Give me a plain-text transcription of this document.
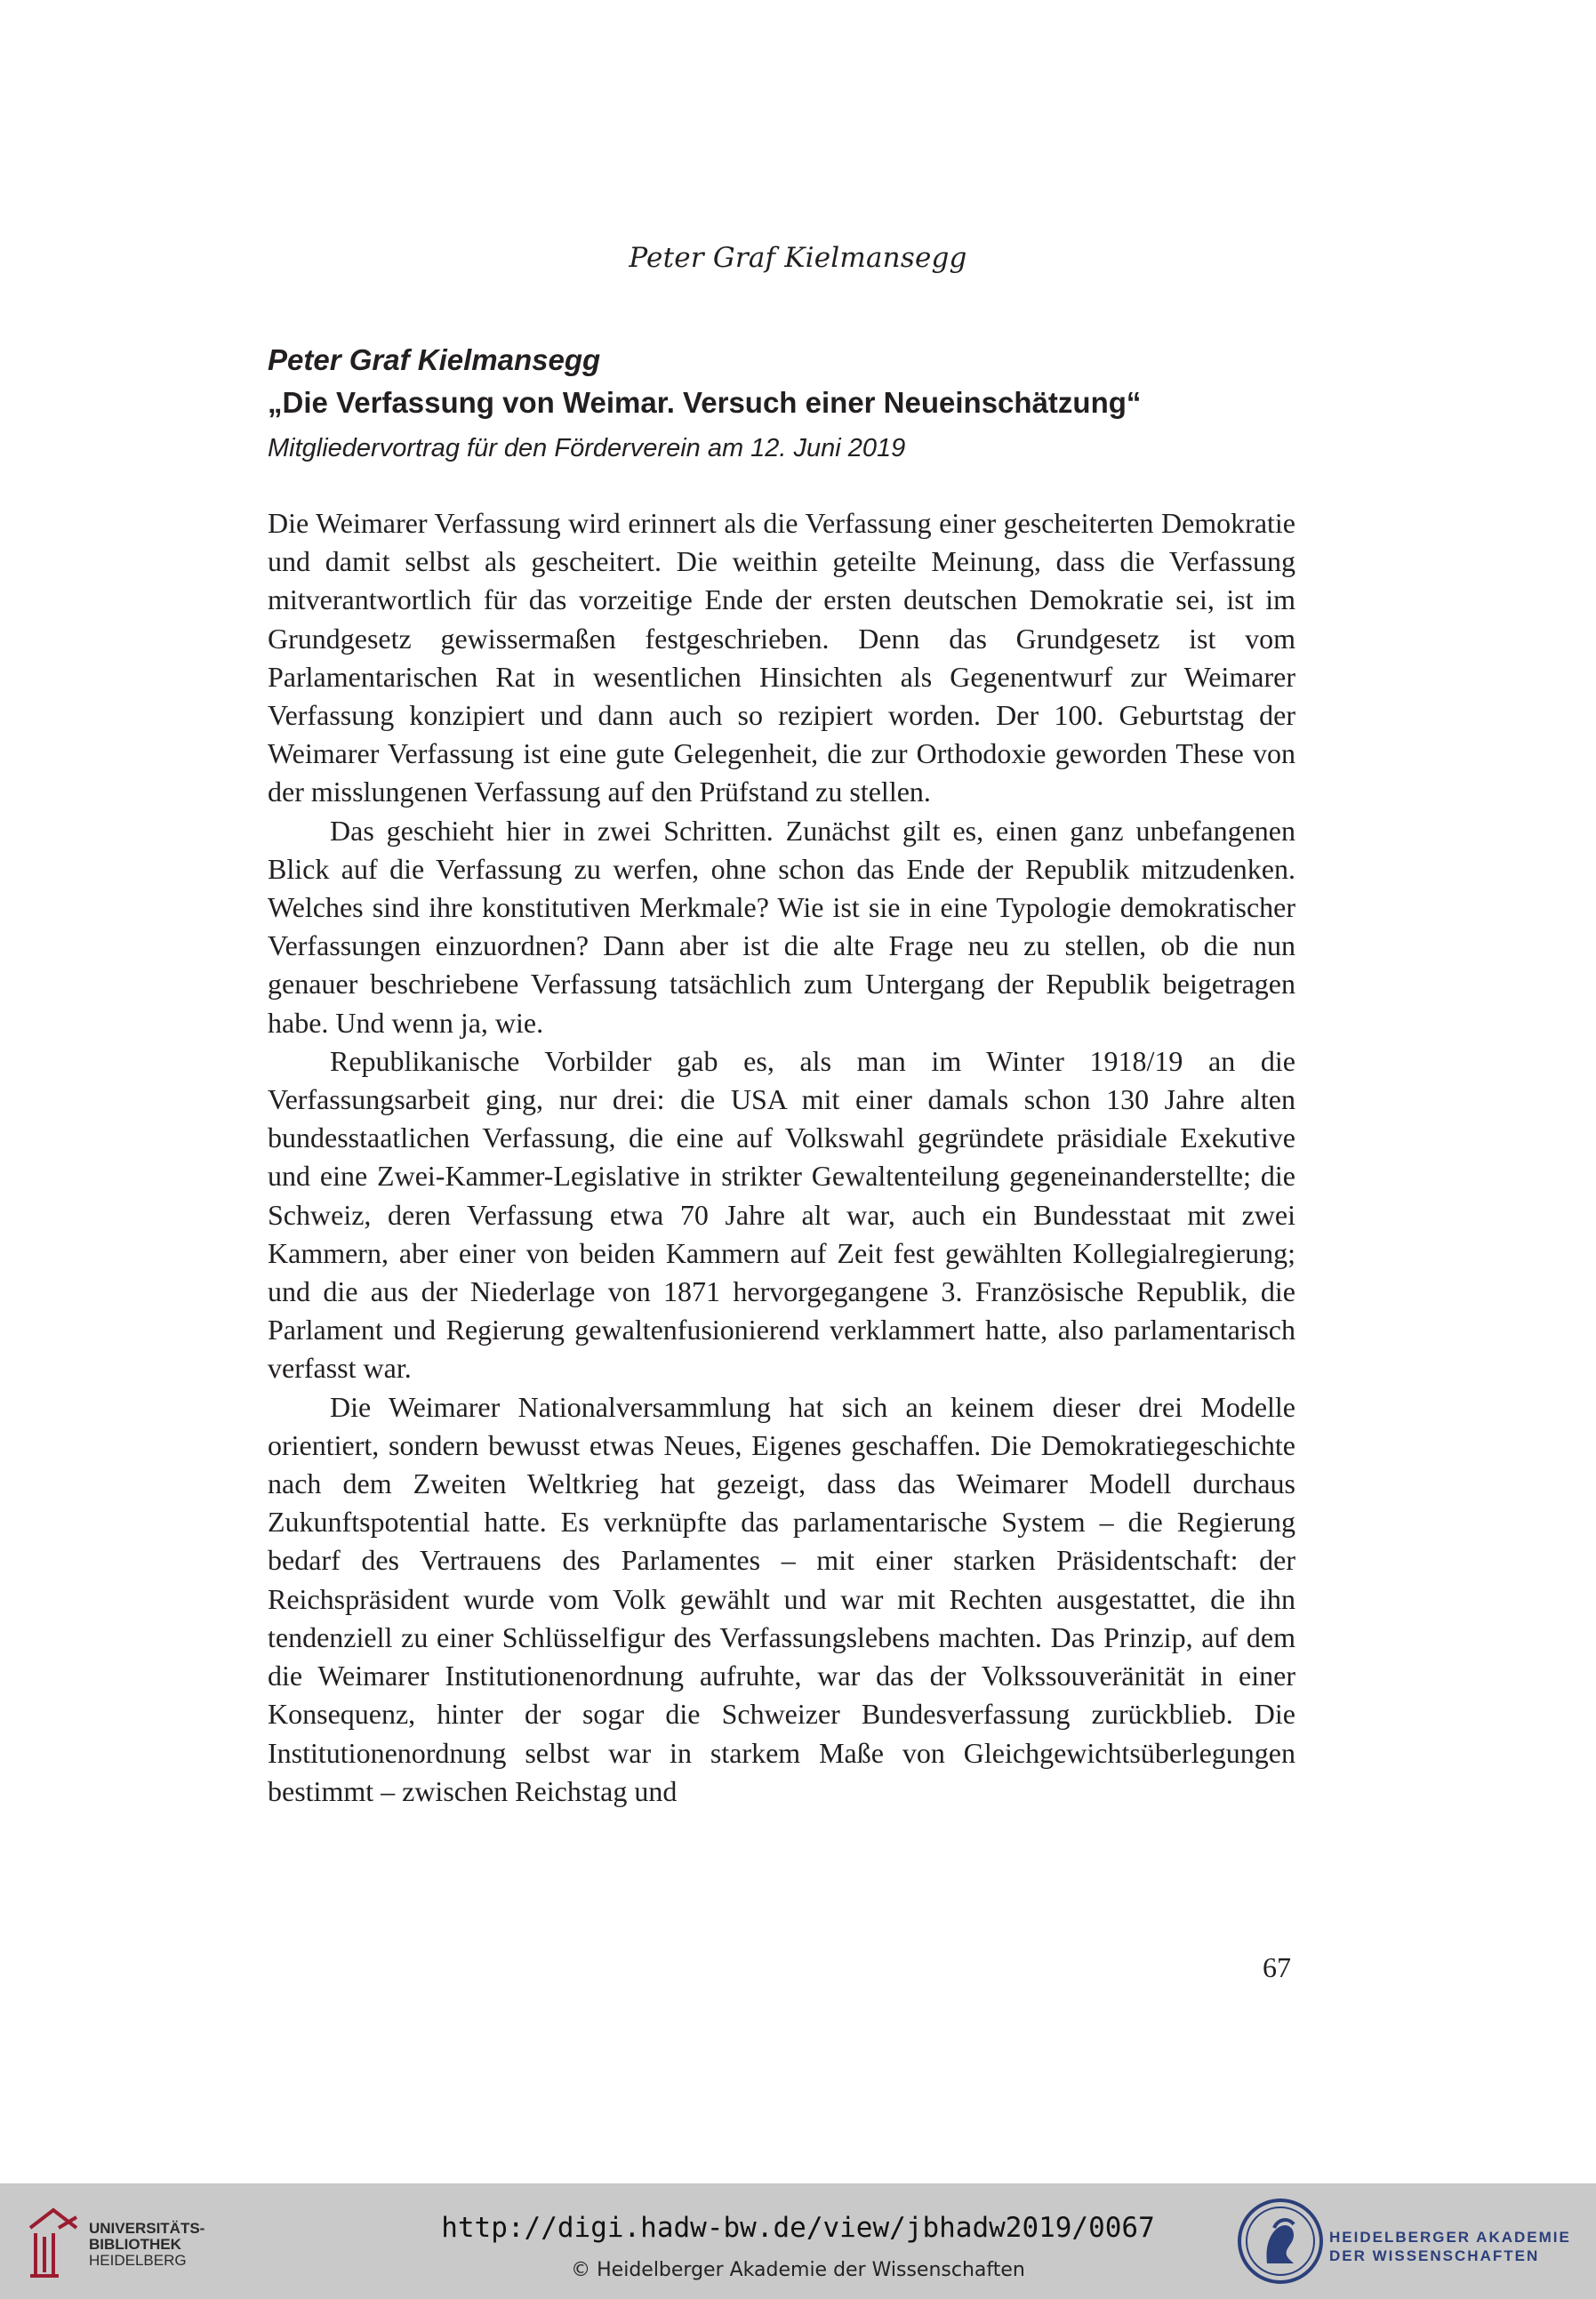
Peter Graf Kielmansegg
Peter Graf Kielmansegg
„Die Verfassung von Weimar. Versuch einer Neueinschätzung“
Mitgliedervortrag für den Förderverein am 12. Juni 2019

Die Weimarer Verfassung wird erinnert als die Verfassung einer gescheiterten Demokratie und damit selbst als gescheitert. Die weithin geteilte Meinung, dass die Verfassung mitverantwortlich für das vorzeitige Ende der ersten deutschen Demokratie sei, ist im Grundgesetz gewissermaßen festgeschrieben. Denn das Grundgesetz ist vom Parlamentarischen Rat in wesentlichen Hinsichten als Gegenentwurf zur Weimarer Verfassung konzipiert und dann auch so rezipiert worden. Der 100. Geburtstag der Weimarer Verfassung ist eine gute Gelegenheit, die zur Orthodoxie geworden These von der misslungenen Verfassung auf den Prüfstand zu stellen.

Das geschieht hier in zwei Schritten. Zunächst gilt es, einen ganz unbefangenen Blick auf die Verfassung zu werfen, ohne schon das Ende der Republik mitzudenken. Welches sind ihre konstitutiven Merkmale? Wie ist sie in eine Typologie demokratischer Verfassungen einzuordnen? Dann aber ist die alte Frage neu zu stellen, ob die nun genauer beschriebene Verfassung tatsächlich zum Untergang der Republik beigetragen habe. Und wenn ja, wie.

Republikanische Vorbilder gab es, als man im Winter 1918/19 an die Verfassungsarbeit ging, nur drei: die USA mit einer damals schon 130 Jahre alten bundesstaatlichen Verfassung, die eine auf Volkswahl gegründete präsidiale Exekutive und eine Zwei-Kammer-Legislative in strikter Gewaltenteilung gegeneinanderstellte; die Schweiz, deren Verfassung etwa 70 Jahre alt war, auch ein Bundesstaat mit zwei Kammern, aber einer von beiden Kammern auf Zeit fest gewählten Kollegialregierung; und die aus der Niederlage von 1871 hervorgegangene 3. Französische Republik, die Parlament und Regierung gewaltenfusionierend verklammert hatte, also parlamentarisch verfasst war.

Die Weimarer Nationalversammlung hat sich an keinem dieser drei Modelle orientiert, sondern bewusst etwas Neues, Eigenes geschaffen. Die Demokratiegeschichte nach dem Zweiten Weltkrieg hat gezeigt, dass das Weimarer Modell durchaus Zukunftspotential hatte. Es verknüpfte das parlamentarische System – die Regierung bedarf des Vertrauens des Parlamentes – mit einer starken Präsidentschaft: der Reichspräsident wurde vom Volk gewählt und war mit Rechten ausgestattet, die ihn tendenziell zu einer Schlüsselfigur des Verfassungslebens machten. Das Prinzip, auf dem die Weimarer Institutionenordnung aufruhte, war das der Volkssouveränität in einer Konsequenz, hinter der sogar die Schweizer Bundesverfassung zurückblieb. Die Institutionenordnung selbst war in starkem Maße von Gleichgewichtsüberlegungen bestimmt – zwischen Reichstag und

67
UNIVERSITÄTS-
BIBLIOTHEK
HEIDELBERG
http://digi.hadw-bw.de/view/jbhadw2019/0067
© Heidelberger Akademie der Wissenschaften
HEIDELBERGER AKADEMIE
DER WISSENSCHAFTEN
